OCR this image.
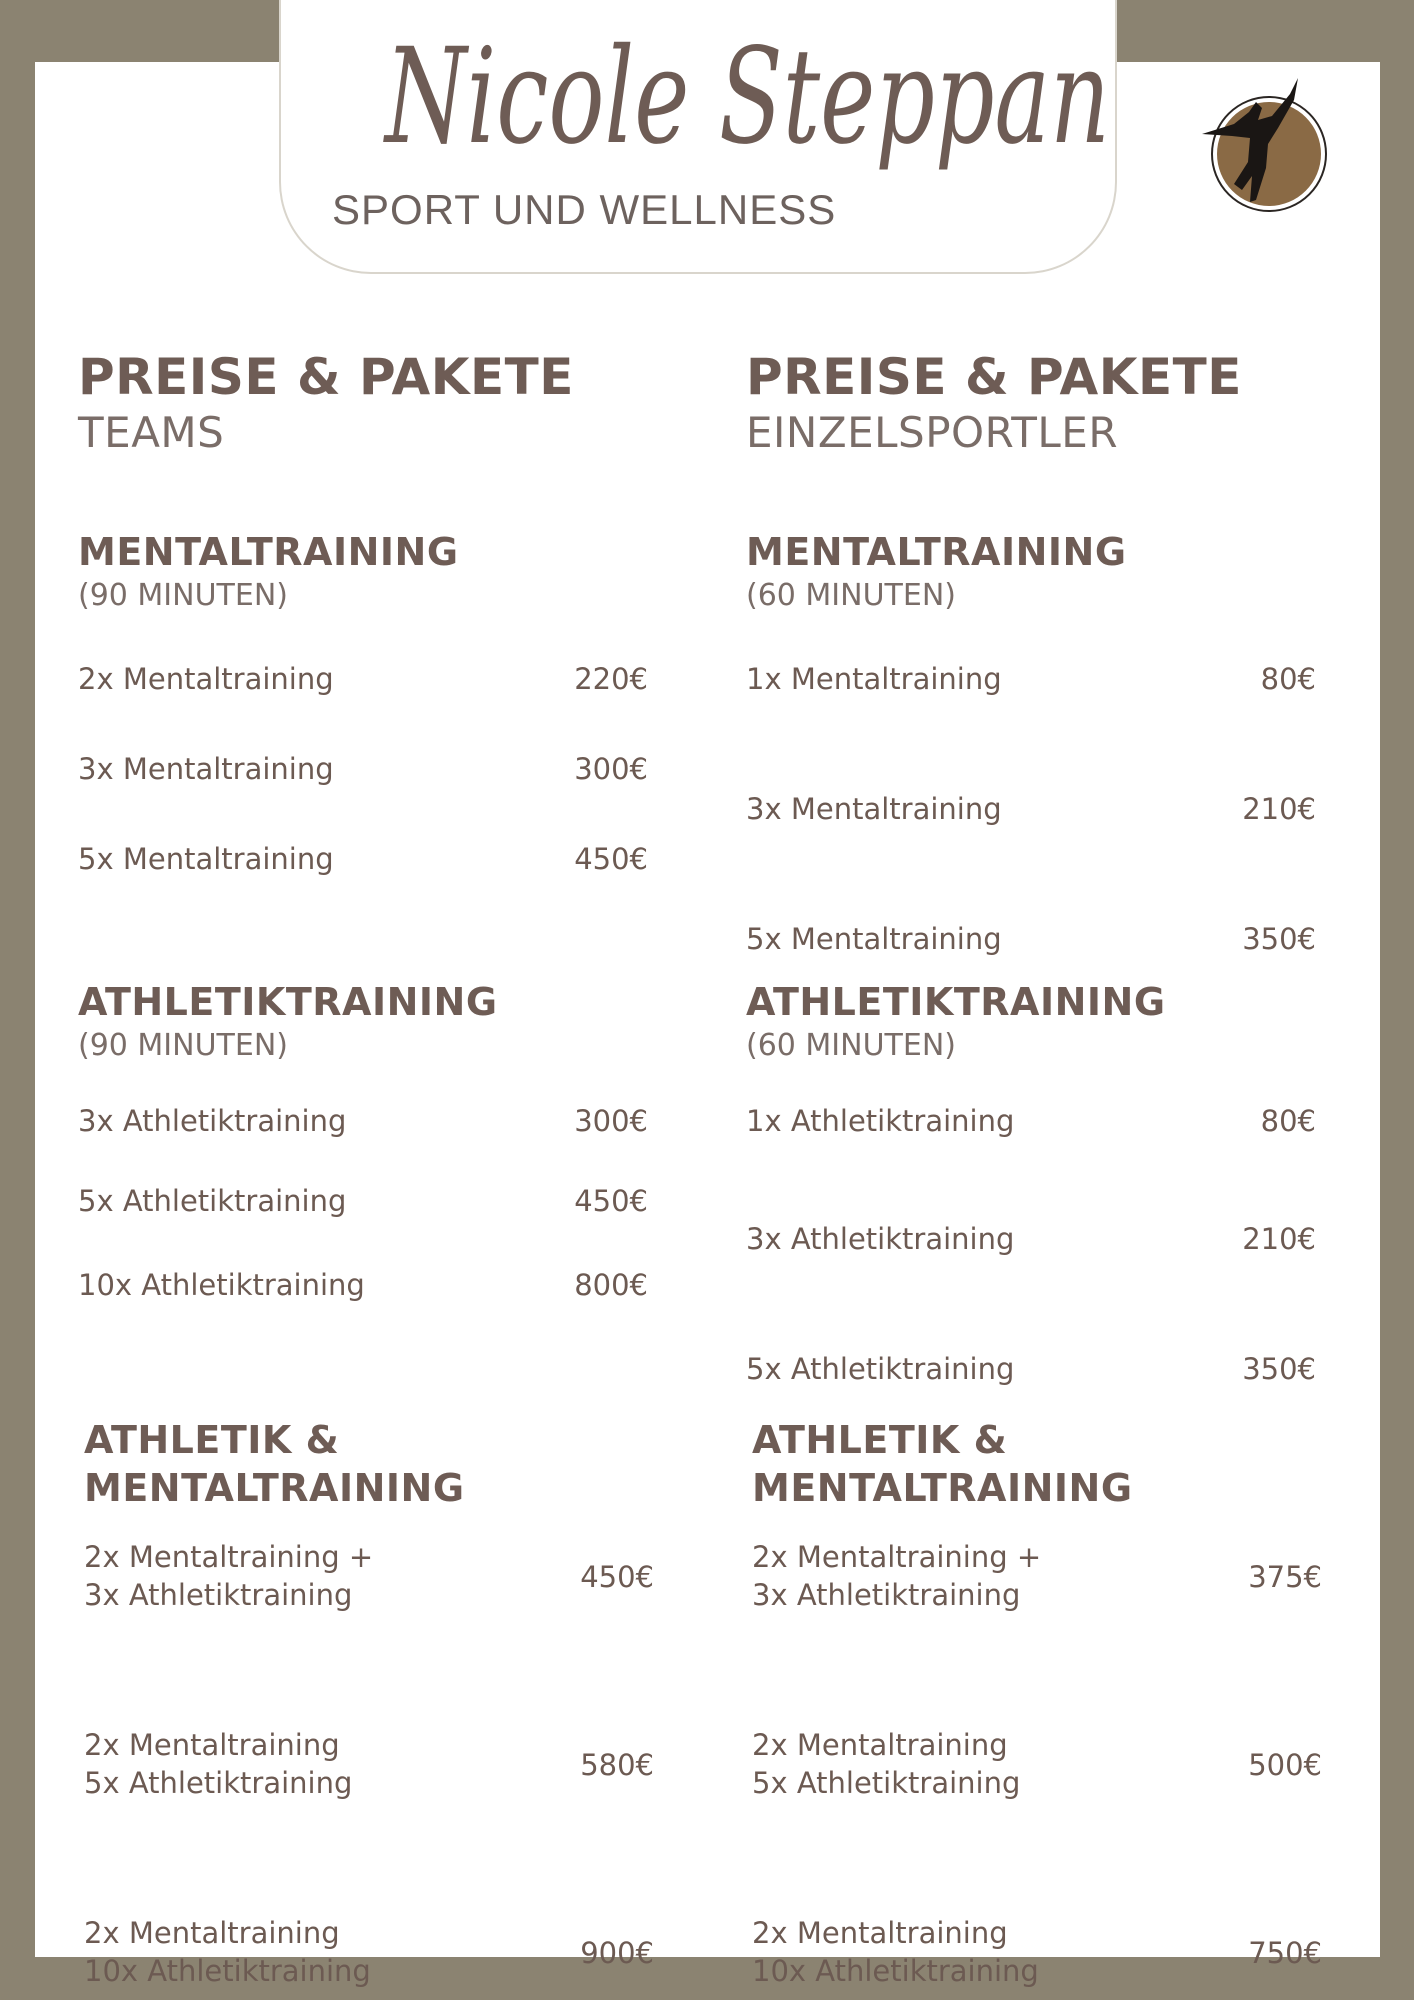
Nicole Steppan
SPORT UND WELLNESS
PREISE & PAKETE
TEAMS
MENTALTRAINING
(90 MINUTEN)
2x Mentaltraining	220€
3x Mentaltraining	300€
5x Mentaltraining	450€
ATHLETIKTRAINING
(90 MINUTEN)
3x Athletiktraining	300€
5x Athletiktraining	450€
10x Athletiktraining	800€
ATHLETIK &
MENTALTRAINING
2x Mentaltraining +
3x Athletiktraining
450€
2x Mentaltraining
5x Athletiktraining
580€
2x Mentaltraining
10x Athletiktraining
900€
PREISE & PAKETE
EINZELSPORTLER
MENTALTRAINING
(60 MINUTEN)
1x Mentaltraining	80€
3x Mentaltraining	210€
5x Mentaltraining	350€
ATHLETIKTRAINING
(60 MINUTEN)
1x Athletiktraining	80€
3x Athletiktraining	210€
5x Athletiktraining	350€
ATHLETIK &
MENTALTRAINING
2x Mentaltraining +
3x Athletiktraining
375€
2x Mentaltraining
5x Athletiktraining
500€
2x Mentaltraining
10x Athletiktraining
750€
